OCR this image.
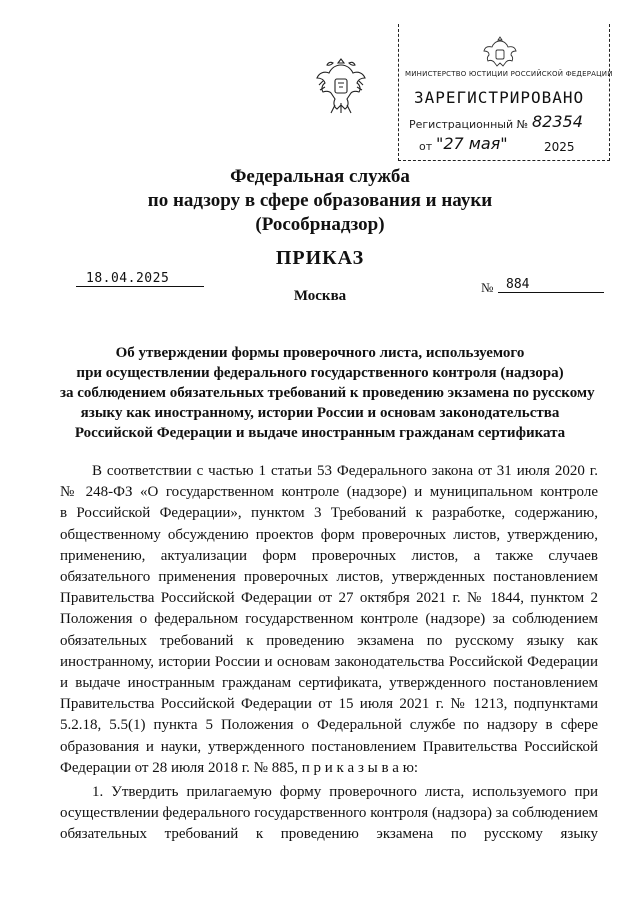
МИНИСТЕРСТВО ЮСТИЦИИ РОССИЙСКОЙ ФЕДЕРАЦИИ
ЗАРЕГИСТРИРОВАНО
Регистрационный № 82354
от "27 мая"	2025
Федеральная служба
по надзору в сфере образования и науки
(Рособрнадзор)
ПРИКАЗ
18.04.2025
№ 884
Москва
Об утверждении формы проверочного листа, используемого
при осуществлении федерального государственного контроля (надзора)
за соблюдением обязательных требований к проведению экзамена по русскому
языку как иностранному, истории России и основам законодательства
Российской Федерации и выдаче иностранным гражданам сертификата
В соответствии с частью 1 статьи 53 Федерального закона от 31 июля 2020 г.
№ 248-ФЗ «О государственном контроле (надзоре) и муниципальном контроле
в Российской Федерации», пунктом 3 Требований к разработке, содержанию,
общественному обсуждению проектов форм проверочных листов, утверждению,
применению, актуализации форм проверочных листов, а также случаев
обязательного применения проверочных листов, утвержденных постановлением
Правительства Российской Федерации от 27 октября 2021 г. № 1844, пунктом 2
Положения о федеральном государственном контроле (надзоре) за соблюдением
обязательных требований к проведению экзамена по русскому языку как
иностранному, истории России и основам законодательства Российской Федерации
и выдаче иностранным гражданам сертификата, утвержденного постановлением
Правительства Российской Федерации от 15 июля 2021 г. № 1213, подпунктами
5.2.18, 5.5(1) пункта 5 Положения о Федеральной службе по надзору в сфере
образования и науки, утвержденного постановлением Правительства Российской
Федерации от 28 июля 2018 г. № 885, п р и к а з ы в а ю:
1. Утвердить прилагаемую форму проверочного листа, используемого при
осуществлении федерального государственного контроля (надзора) за соблюдением
обязательных требований к проведению экзамена по русскому языку
